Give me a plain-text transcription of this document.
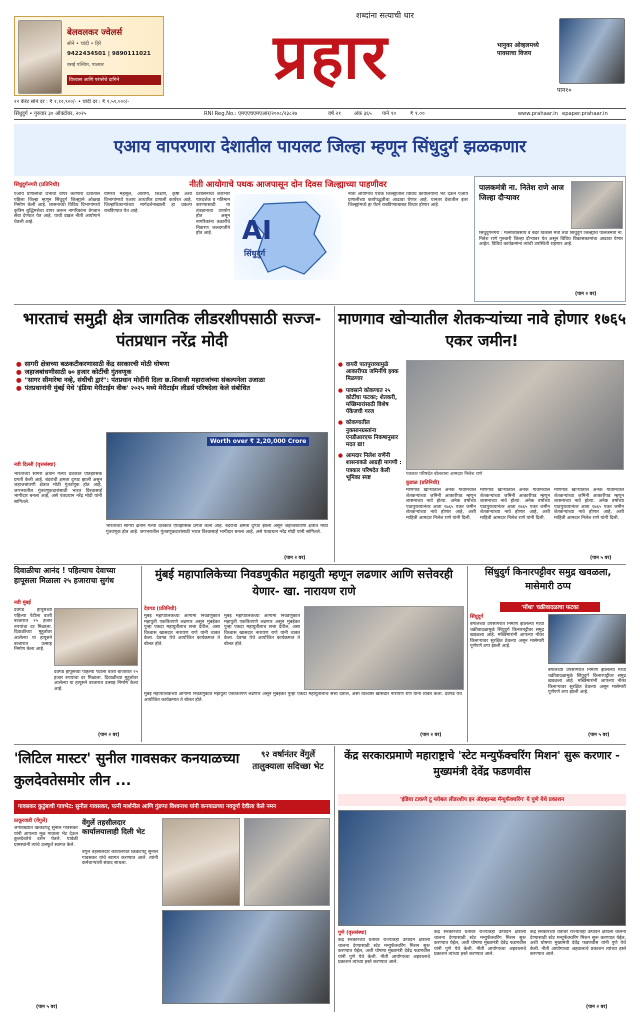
बेलवलकर ज्वेलर्स
सोने • चांदी • हिरे
9422434501 | 9890111021
वसई पश्चिम, पालघर
विश्वास आणि परंपरेचे दागिने
२२ कॅरेट सोने दर : ₹ १,१२,९००/- • चांदी दर : ₹ १,५९,०००/-
शब्दांना सत्याची धार
प्रहार	भानुका ओव्हलमध्ये पावसाचा विजय
पान१०
सिंधुदुर्ग • गुरुवार ३० ऑक्टोबर, २०२५	RNI Reg.No.: एमएएचएमएआर/२००८/२३८२७	वर्ष २१	अंक ३६५	पाने १०	₹ १.००	www.prahaar.in epaper.prahaar.in
एआय वापरणारा देशातील पायलट जिल्हा म्हणून सिंधुदुर्ग झळकणार
सिंधुदुर्गनगरी (प्रतिनिधी)	नीती आयोगाचे पथक आजपासून दोन दिवस जिल्ह्याच्या पाहणीवर
एआय प्रणालीचा प्रभावी वापर करणारा देशातील पहिला जिल्हा म्हणून सिंधुदुर्ग जिल्ह्याने ओळख निर्माण केली आहे. शासनाच्या विविध विभागांमध्ये कृत्रिम बुद्धिमत्तेचा वापर करून नागरिकांना वेगवान सेवा देण्यात येत आहे. याची दखल नीती आयोगाने घेतली आहे.
यामध्ये महसूल, आरोग्य, शिक्षण, कृषी अशा विभागांमध्ये एआय आधारित प्रणाली कार्यरत आहे. जिल्हाधिकाऱ्यांच्या मार्गदर्शनाखाली हा प्रकल्प राबविण्यात येत आहे.
प्रशासनाचा कारभार पारदर्शक व गतिमान करण्यासाठी या तंत्रज्ञानाचा उपयोग होत असून नागरिकांना तक्रारींचे निवारण जलदगतीने होत आहे.	AI
सिंधुदुर्ग
नीती आयोगाचे पथक जिल्ह्यातील विविध कार्यालयांना भेट देऊन एआय प्रणालीच्या कार्यपद्धतीचा आढावा घेणार आहे. यानंतर देशातील इतर जिल्ह्यांमध्ये हा पॅटर्न राबविण्याबाबत विचार होणार आहे.
पालकमंत्री ना. नितेश राणे आज जिल्हा दौऱ्यावर
सिंधुदुर्गनगरी : मत्स्यव्यवसाय व बंदरे विकास मंत्री तथा सिंधुदुर्ग जिल्ह्याचे पालकमंत्री ना. नितेश राणे गुरुवारी जिल्हा दौऱ्यावर येत असून विविध विकासकामांचा आढावा घेणार आहेत. विविध कार्यक्रमांना त्यांची उपस्थिती राहणार आहे.
(पान २ वर)
भारताचं समुद्री क्षेत्र जागतिक लीडरशीपसाठी सज्ज- पंतप्रधान नरेंद्र मोदी
● सागरी क्षेत्राच्या बळकटीकरणासाठी केंद्र सरकारची मोठी घोषणा
● जहाजबांधणीसाठी ७० हजार कोटींची गुंतवणूक
● "सागर सीमारेषा नव्हे, संधीची द्वारं": पंतप्रधान मोदींनी दिला छ.शिवाजी महाराजांच्या संकल्पनेला उजाळा
● पंतप्रधानांनी मुंबई येथे 'इंडिया मेरीटाईम वीक' २०२५ मध्ये मेरीटाईम लीडर्स परिषदेला केले संबोधित
नवी दिल्ली (वृत्तसंस्था)
भारताच्या सागरी क्षेत्राने गेल्या दशकात ऐतिहासिक प्रगती केली आहे. बंदरांची क्षमता दुप्पट झाली असून जहाजबांधणी क्षेत्रात मोठी गुंतवणूक होत आहे. जगभरातील गुंतवणूकदारांसाठी भारत विश्वासार्ह भागीदार बनला आहे, असे पंतप्रधान नरेंद्र मोदी यांनी सांगितले.
Worth over ₹ 2,20,000 Crore
भारताच्या सागरी क्षेत्राने गेल्या दशकात ऐतिहासिक प्रगती केली आहे. बंदरांची क्षमता दुप्पट झाली असून जहाजबांधणी क्षेत्रात मोठी गुंतवणूक होत आहे. जगभरातील गुंतवणूकदारांसाठी भारत विश्वासार्ह भागीदार बनला आहे, असे पंतप्रधान नरेंद्र मोदी यांनी सांगितले.
(पान २ वर)
माणगाव खोऱ्यातील शेतकऱ्यांच्या नावे होणार १७६५ एकर जमीन!
● वायरी पातपुराव्यामुळे आकारीपड जमिनींचे हक्क मिळणार
● पावसाने कोकणात २५ कोटींचा फटका; शेतकरी, मच्छिमारांसाठी विशेष पॅकेजची गरज
● कोकणातील नुकसानग्रस्तांना एनडीआरएफ निकषानुसार मदत द्या!
● आमदार निलेश राणेंनी शासनाकडे आग्रही मागणी : पत्रकार परिषदेत केली भूमिका स्पष्ट
पत्रकार परिषदेत बोलताना आमदार निलेश राणे
कुडाळ (प्रतिनिधी)
माणगाव खोऱ्यातील अनेक गावांमधील शेतकऱ्यांच्या जमिनी आकारीपड म्हणून शासनाच्या नावे होत्या. अनेक वर्षांच्या पाठपुराव्यानंतर आता १७६५ एकर जमीन शेतकऱ्यांच्या नावे होणार आहे, अशी माहिती आमदार निलेश राणे यांनी दिली.
माणगाव खोऱ्यातील अनेक गावांमधील शेतकऱ्यांच्या जमिनी आकारीपड म्हणून शासनाच्या नावे होत्या. अनेक वर्षांच्या पाठपुराव्यानंतर आता १७६५ एकर जमीन शेतकऱ्यांच्या नावे होणार आहे, अशी माहिती आमदार निलेश राणे यांनी दिली.
माणगाव खोऱ्यातील अनेक गावांमधील शेतकऱ्यांच्या जमिनी आकारीपड म्हणून शासनाच्या नावे होत्या. अनेक वर्षांच्या पाठपुराव्यानंतर आता १७६५ एकर जमीन शेतकऱ्यांच्या नावे होणार आहे, अशी माहिती आमदार निलेश राणे यांनी दिली.
(पान ५ वर)
दिवाळीचा आनंद ! पहिल्याच देवाच्या हापूसला मिळाला २५ हजाराचा सुगंध
नवी मुंबई
देवगड हापूसच्या पहिल्या पेटीला वाशी बाजारात २५ हजार रुपयांचा दर मिळाला. दिवाळीच्या मुहूर्तावर आलेल्या या हापूसने बाजारात उत्साह निर्माण केला आहे.
देवगड हापूसच्या पहिल्या पेटीला वाशी बाजारात २५ हजार रुपयांचा दर मिळाला. दिवाळीच्या मुहूर्तावर आलेल्या या हापूसने बाजारात उत्साह निर्माण केला आहे.
(पान २ वर)
मुंबई महापालिकेच्या निवडणुकीत महायुती म्हणून लढणार आणि सत्तेवरही येणार- खा. नारायण राणे
देवगड (प्रतिनिधी)
मुंबई महापालिकेच्या आगामी निवडणुकीत महायुती एकत्रितपणे लढणार असून मुंबईकर पुन्हा एकदा महायुतीलाच सत्ता देतील, असा विश्वास खासदार नारायण राणे यांनी व्यक्त केला. देवगड येथे आयोजित कार्यक्रमात ते बोलत होते.
मुंबई महापालिकेच्या आगामी निवडणुकीत महायुती एकत्रितपणे लढणार असून मुंबईकर पुन्हा एकदा महायुतीलाच सत्ता देतील, असा विश्वास खासदार नारायण राणे यांनी व्यक्त केला. देवगड येथे आयोजित कार्यक्रमात ते बोलत होते.
मुंबई महापालिकेच्या आगामी निवडणुकीत महायुती एकत्रितपणे लढणार असून मुंबईकर पुन्हा एकदा महायुतीलाच सत्ता देतील, असा विश्वास खासदार नारायण राणे यांनी व्यक्त केला. देवगड येथे आयोजित कार्यक्रमात ते बोलत होते.
(पान २ वर)
सिंधुदुर्ग किनारपट्टीवर समुद्र खवळला, मासेमारी ठप्प
'मोंथा' चक्रीवादळाचा फटका
सिंधुदुर्ग
बंगालच्या उपसागरात निर्माण झालेल्या मोंथा चक्रीवादळामुळे सिंधुदुर्ग किनारपट्टीवर समुद्र खवळला आहे. मच्छिमारांनी आपल्या नौका किनाऱ्यावर सुरक्षित ठेवल्या असून मासेमारी पूर्णपणे ठप्प झाली आहे.
बंगालच्या उपसागरात निर्माण झालेल्या मोंथा चक्रीवादळामुळे सिंधुदुर्ग किनारपट्टीवर समुद्र खवळला आहे. मच्छिमारांनी आपल्या नौका किनाऱ्यावर सुरक्षित ठेवल्या असून मासेमारी पूर्णपणे ठप्प झाली आहे.
(पान ५ वर)
'लिटिल मास्टर' सुनील गावसकर कनयाळच्या कुलदेवतेसमोर लीन ...
९२ वर्षानंतर वेंगुर्ले तालुक्याला सदिच्छा भेट
गावसकर कुटुंबाची गावभेट: सुनील गावसकर, पत्नी मार्शनील आणि गुंडप्पा विश्वनाथ यांनी कनयाळच्या नवदुर्गा देवीला केले नमन
ठाकूरवाडी (वेंगुर्ले)
जगविख्यात क्रिकेटपटू सुनील गावसकर यांनी आपल्या मूळ गावाला भेट देऊन कुलदेवतेचे दर्शन घेतले. यावेळी ग्रामस्थांनी त्यांचे उत्स्फूर्त स्वागत केले.
वेंगुर्ले तहसीलदार कार्यालयालाही दिली भेट
वेंगुर्ले तहसीलदार कार्यालयात क्रिकेटपटू सुनील गावसकर यांचे स्वागत करण्यात आले. त्यांनी कर्मचाऱ्यांशी संवाद साधला.
(पान ५ वर)
केंद्र सरकारप्रमाणे महाराष्ट्राचे 'स्टेट मन्युफॅक्चरिंग मिशन' सुरू करणार - मुख्यमंत्री देवेंद्र फडणवीस
'इंडिया टाकणे टू ग्लोबल लीडरशीप इन ॲडव्हान्स्ड मॅन्युफॅक्चरिंग' ये पुणे येथे प्रकाशन
पुणे (वृत्तसंस्था)
केंद्र सरकारच्या धर्तीवर राज्यातही उत्पादन क्षेत्राला चालना देण्यासाठी स्टेट मन्युफॅक्चरिंग मिशन सुरू करण्यात येईल, अशी घोषणा मुख्यमंत्री देवेंद्र फडणवीस यांनी पुणे येथे केली. नीती आयोगाच्या अहवालाचे प्रकाशन त्यांच्या हस्ते करण्यात आले.
केंद्र सरकारच्या धर्तीवर राज्यातही उत्पादन क्षेत्राला चालना देण्यासाठी स्टेट मन्युफॅक्चरिंग मिशन सुरू करण्यात येईल, अशी घोषणा मुख्यमंत्री देवेंद्र फडणवीस यांनी पुणे येथे केली. नीती आयोगाच्या अहवालाचे प्रकाशन त्यांच्या हस्ते करण्यात आले.
केंद्र सरकारच्या धर्तीवर राज्यातही उत्पादन क्षेत्राला चालना देण्यासाठी स्टेट मन्युफॅक्चरिंग मिशन सुरू करण्यात येईल, अशी घोषणा मुख्यमंत्री देवेंद्र फडणवीस यांनी पुणे येथे केली. नीती आयोगाच्या अहवालाचे प्रकाशन त्यांच्या हस्ते करण्यात आले.
(पान २ वर)
